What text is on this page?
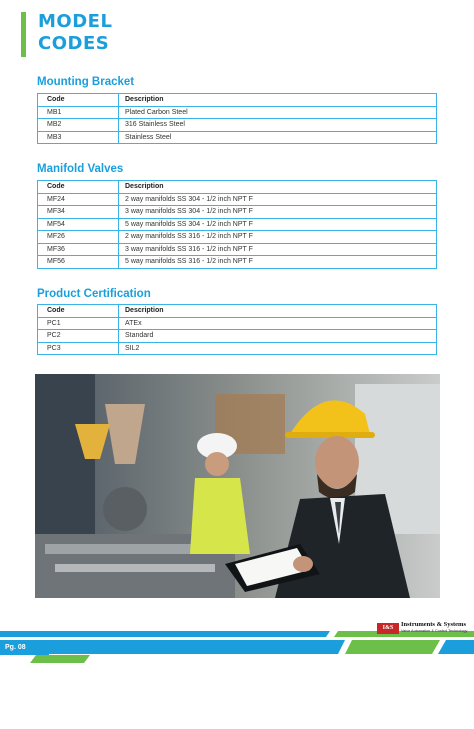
MODEL
CODES
Mounting Bracket
Code	Description
MB1	Plated Carbon Steel
MB2	316 Stainless Steel
MB3	Stainless Steel
Manifold Valves
Code	Description
MF24	2 way manifolds SS 304 - 1/2 inch NPT F
MF34	3 way manifolds SS 304 - 1/2 inch NPT F
MF54	5 way manifolds SS 304 - 1/2 inch NPT F
MF26	2 way manifolds SS 316 - 1/2 inch NPT F
MF36	3 way manifolds SS 316 - 1/2 inch NPT F
MF56	5 way manifolds SS 316 - 1/2 inch NPT F
Product Certification
Code	Description
PC1	ATEx
PC2	Standard
PC3	SIL2
Pg. 08
I&S	Instruments & Systems
Valve Automation & Control Technology
